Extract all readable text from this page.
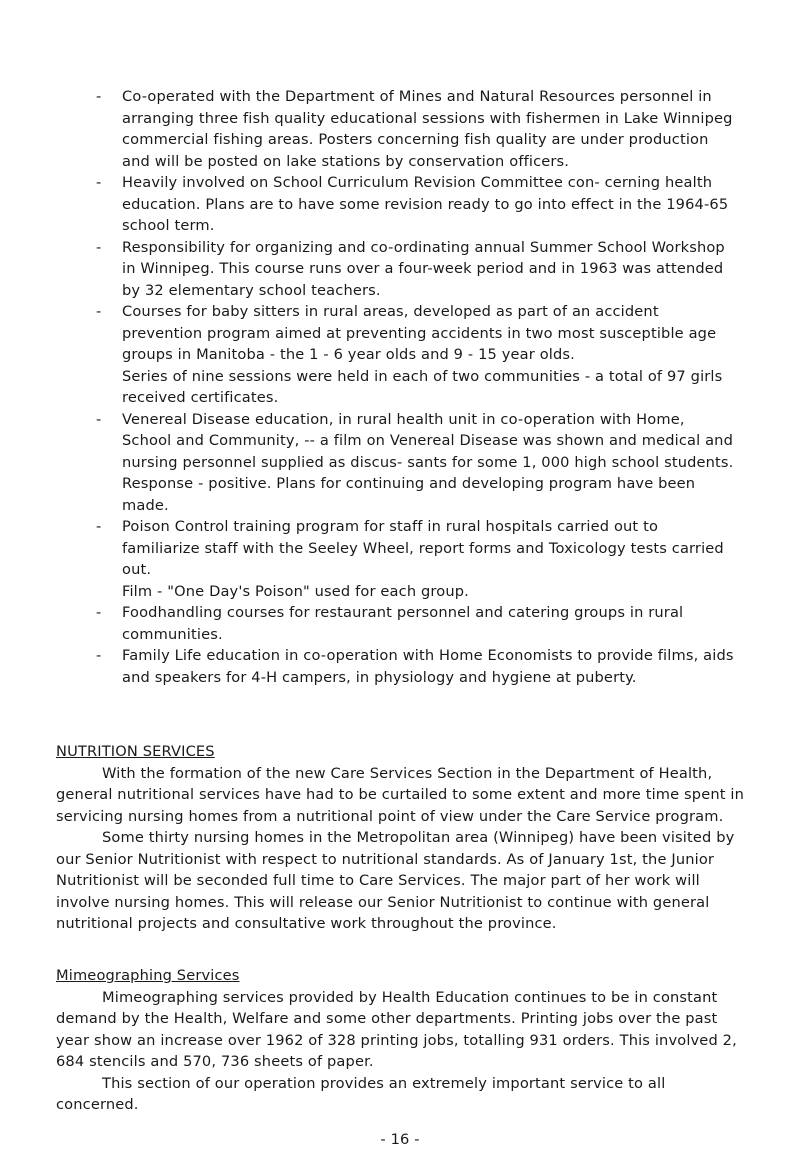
- Co-operated with the Department of Mines and Natural Resources personnel in arranging three fish quality educational sessions with fishermen in Lake Winnipeg commercial fishing areas. Posters concerning fish quality are under production and will be posted on lake stations by conservation officers.

- Heavily involved on School Curriculum Revision Committee con- cerning health education. Plans are to have some revision ready to go into effect in the 1964-65 school term.

- Responsibility for organizing and co-ordinating annual Summer School Workshop in Winnipeg. This course runs over a four-week period and in 1963 was attended by 32 elementary school teachers.

- Courses for baby sitters in rural areas, developed as part of an accident prevention program aimed at preventing accidents in two most susceptible age groups in Manitoba - the 1 - 6 year olds and 9 - 15 year olds.

Series of nine sessions were held in each of two communities - a total of 97 girls received certificates.

- Venereal Disease education, in rural health unit in co-operation with Home, School and Community, -- a film on Venereal Disease was shown and medical and nursing personnel supplied as discus- sants for some 1, 000 high school students.

Response - positive. Plans for continuing and developing program have been made.

- Poison Control training program for staff in rural hospitals carried out to familiarize staff with the Seeley Wheel, report forms and Toxicology tests carried out.

Film - "One Day's Poison" used for each group.

- Foodhandling courses for restaurant personnel and catering groups in rural communities.

- Family Life education in co-operation with Home Economists to provide films, aids and speakers for 4-H campers, in physiology and hygiene at puberty.

NUTRITION SERVICES

With the formation of the new Care Services Section in the Department of Health, general nutritional services have had to be curtailed to some extent and more time spent in servicing nursing homes from a nutritional point of view under the Care Service program.

Some thirty nursing homes in the Metropolitan area (Winnipeg) have been visited by our Senior Nutritionist with respect to nutritional standards. As of January 1st, the Junior Nutritionist will be seconded full time to Care Services. The major part of her work will involve nursing homes. This will release our Senior Nutritionist to continue with general nutritional projects and consultative work throughout the province.

Mimeographing Services

Mimeographing services provided by Health Education continues to be in constant demand by the Health, Welfare and some other departments. Printing jobs over the past year show an increase over 1962 of 328 printing jobs, totalling 931 orders. This involved 2, 684 stencils and 570, 736 sheets of paper.

This section of our operation provides an extremely important service to all concerned.

- 16 -
